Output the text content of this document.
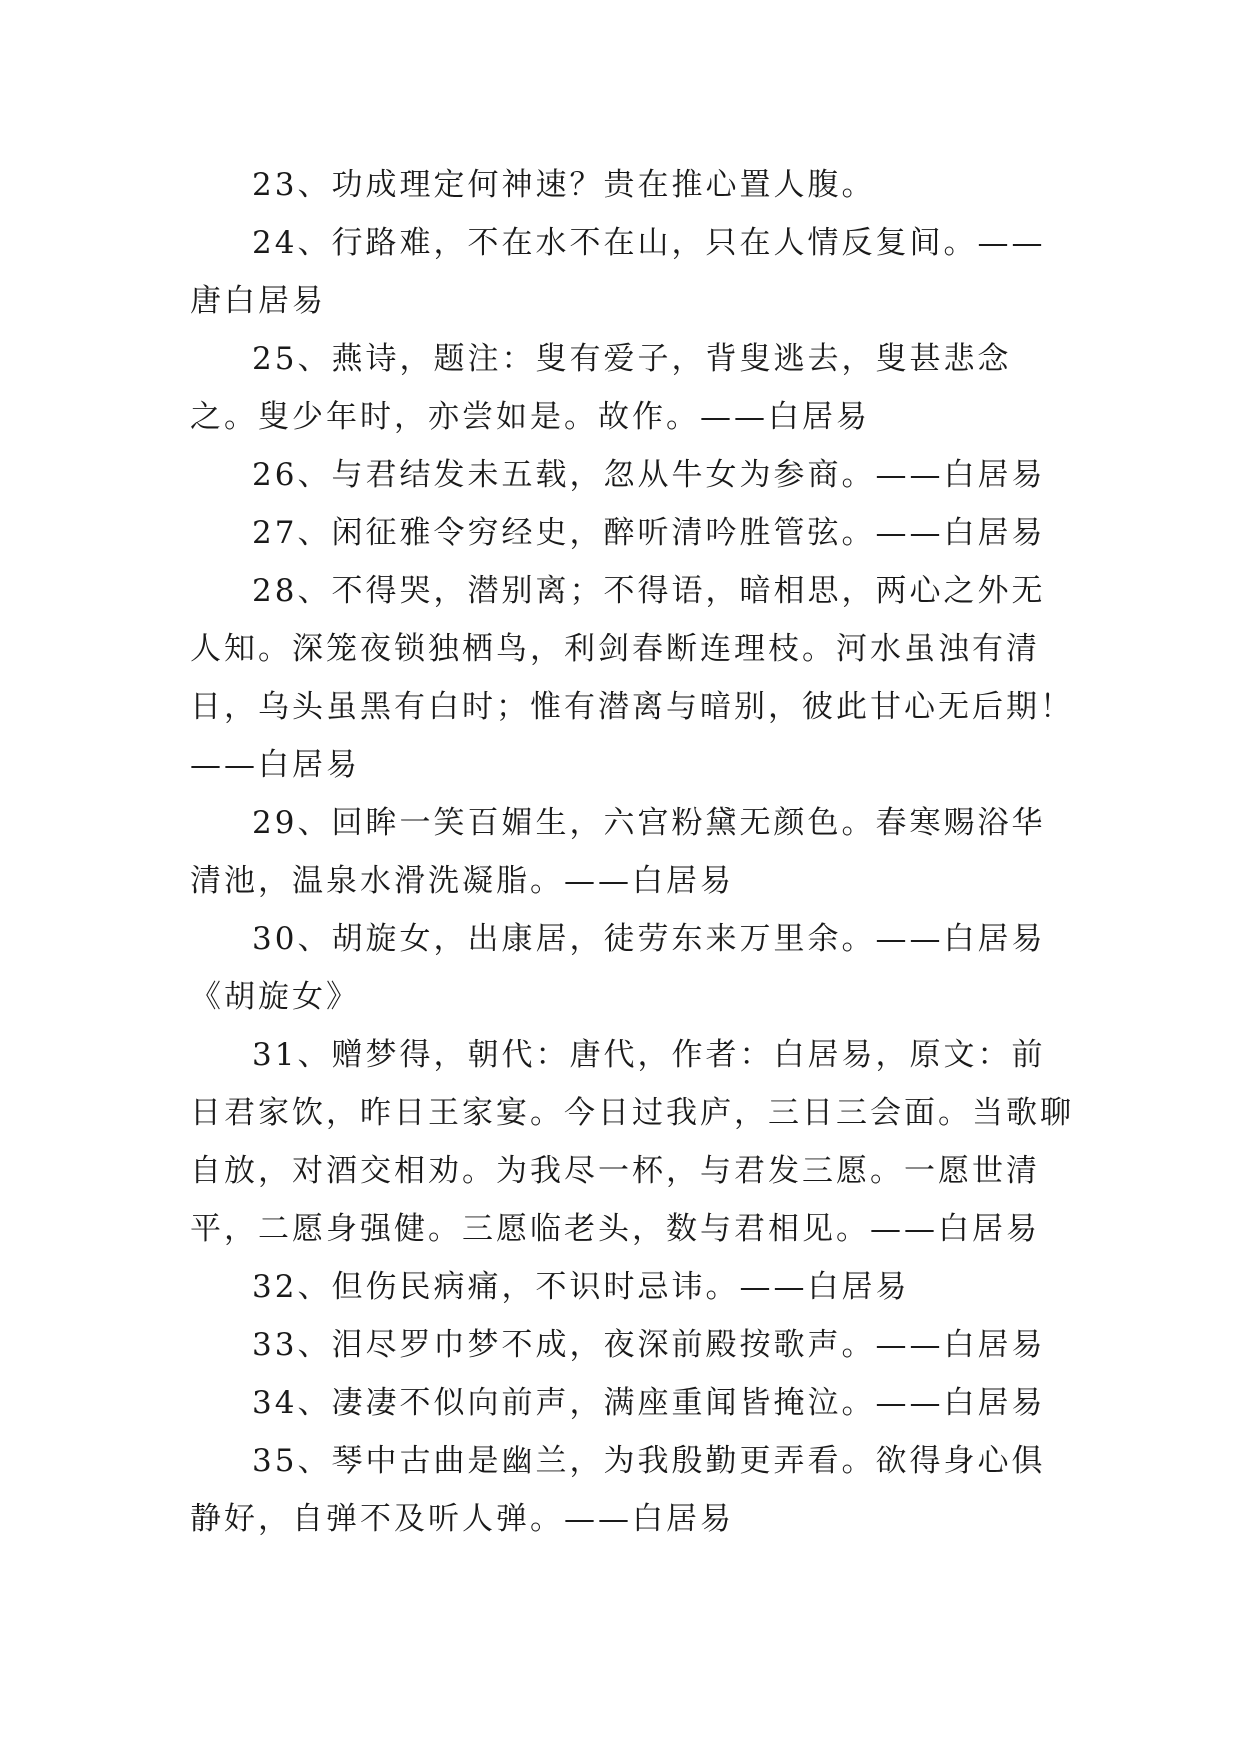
23、功成理定何神速？贵在推心置人腹。

24、行路难，不在水不在山，只在人情反复间。——唐白居易

25、燕诗，题注：叟有爱子，背叟逃去，叟甚悲念之。叟少年时，亦尝如是。故作。——白居易

26、与君结发未五载，忽从牛女为参商。——白居易

27、闲征雅令穷经史，醉听清吟胜管弦。——白居易

28、不得哭，潜别离；不得语，暗相思，两心之外无人知。深笼夜锁独栖鸟，利剑春断连理枝。河水虽浊有清日，乌头虽黑有白时；惟有潜离与暗别，彼此甘心无后期！——白居易

29、回眸一笑百媚生，六宫粉黛无颜色。春寒赐浴华清池，温泉水滑洗凝脂。——白居易

30、胡旋女，出康居，徒劳东来万里余。——白居易《胡旋女》

31、赠梦得，朝代：唐代，作者：白居易，原文：前日君家饮，昨日王家宴。今日过我庐，三日三会面。当歌聊自放，对酒交相劝。为我尽一杯，与君发三愿。一愿世清平，二愿身强健。三愿临老头，数与君相见。——白居易

32、但伤民病痛，不识时忌讳。——白居易

33、泪尽罗巾梦不成，夜深前殿按歌声。——白居易

34、凄凄不似向前声，满座重闻皆掩泣。——白居易

35、琴中古曲是幽兰，为我殷勤更弄看。欲得身心俱静好，自弹不及听人弹。——白居易
